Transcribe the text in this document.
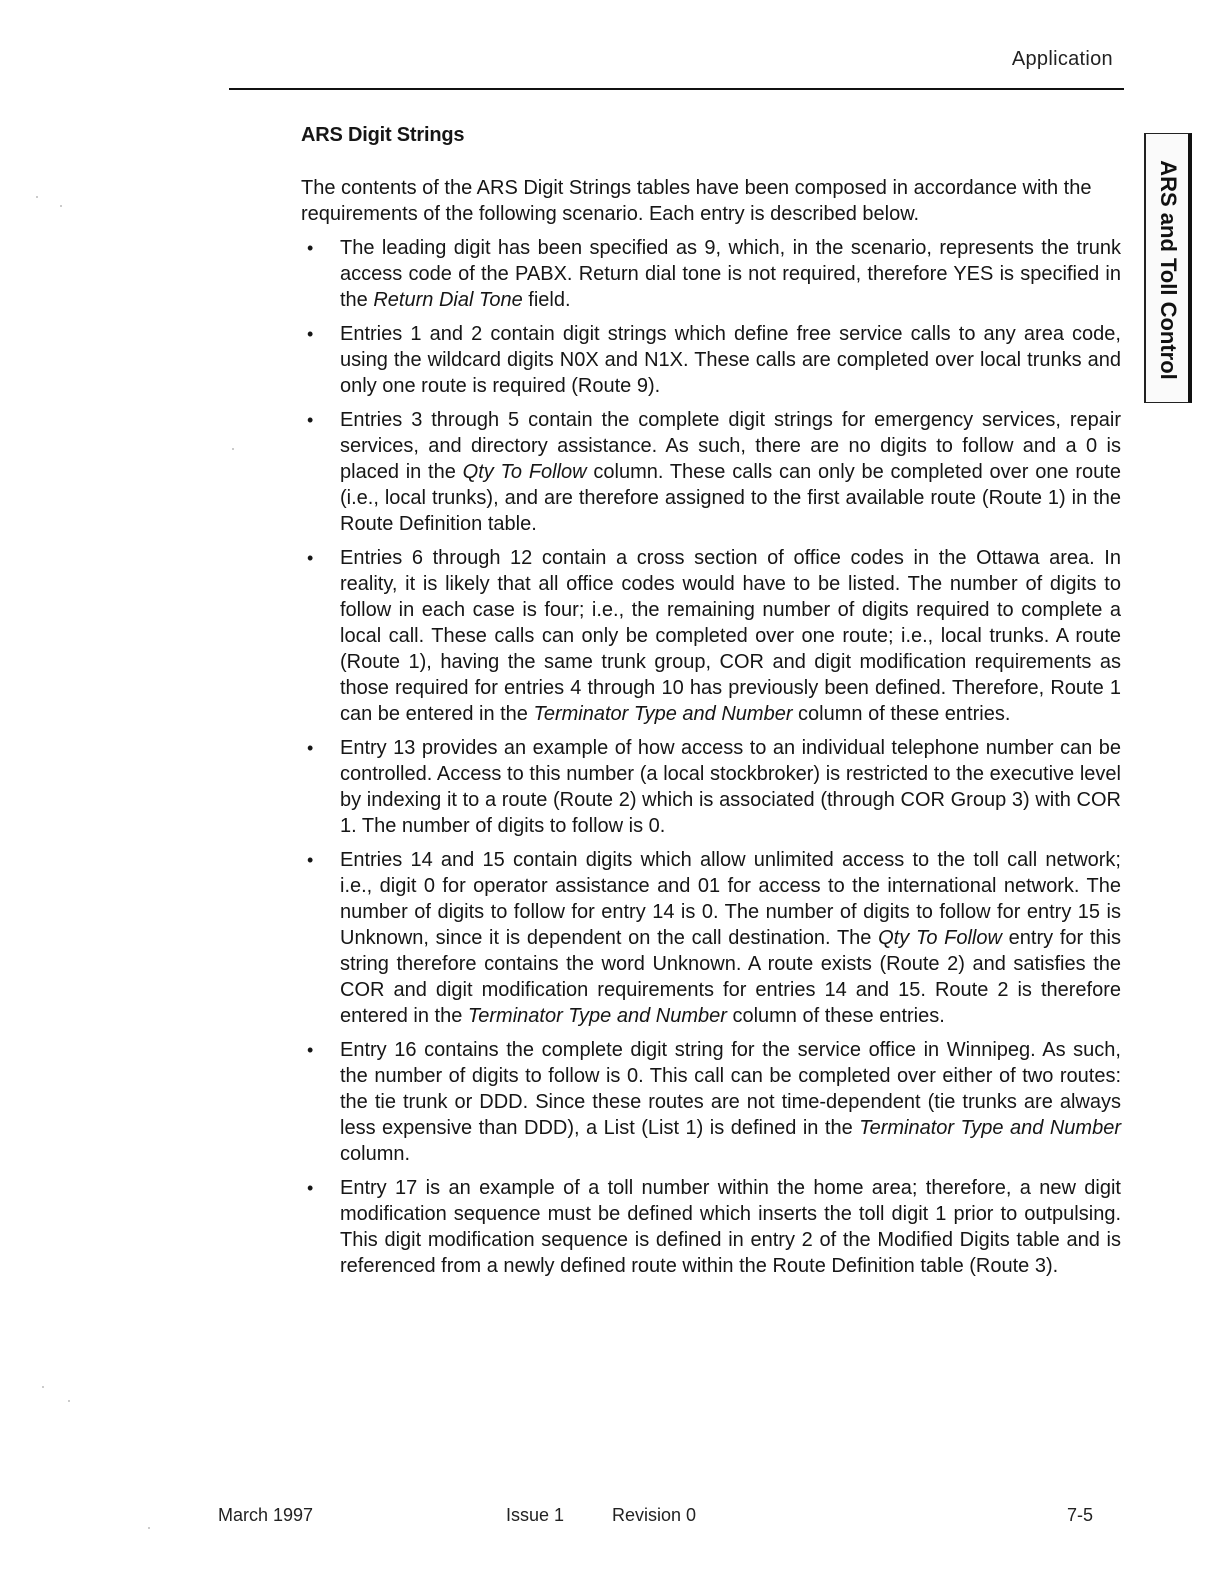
Application
ARS and Toll Control
ARS Digit Strings

The contents of the ARS Digit Strings tables have been composed in accordance with the requirements of the following scenario. Each entry is described below.

• The leading digit has been specified as 9, which, in the scenario, represents the trunk access code of the PABX. Return dial tone is not required, therefore YES is specified in the Return Dial Tone field.
• Entries 1 and 2 contain digit strings which define free service calls to any area code, using the wildcard digits N0X and N1X. These calls are completed over local trunks and only one route is required (Route 9).
• Entries 3 through 5 contain the complete digit strings for emergency services, repair services, and directory assistance. As such, there are no digits to follow and a 0 is placed in the Qty To Follow column. These calls can only be completed over one route (i.e., local trunks), and are therefore assigned to the first available route (Route 1) in the Route Definition table.
• Entries 6 through 12 contain a cross section of office codes in the Ottawa area. In reality, it is likely that all office codes would have to be listed. The number of digits to follow in each case is four; i.e., the remaining number of digits required to complete a local call. These calls can only be completed over one route; i.e., local trunks. A route (Route 1), having the same trunk group, COR and digit modification requirements as those required for entries 4 through 10 has previously been defined. Therefore, Route 1 can be entered in the Terminator Type and Number column of these entries.
• Entry 13 provides an example of how access to an individual telephone number can be controlled. Access to this number (a local stockbroker) is restricted to the executive level by indexing it to a route (Route 2) which is associated (through COR Group 3) with COR 1. The number of digits to follow is 0.
• Entries 14 and 15 contain digits which allow unlimited access to the toll call network; i.e., digit 0 for operator assistance and 01 for access to the international network. The number of digits to follow for entry 14 is 0. The number of digits to follow for entry 15 is Unknown, since it is dependent on the call destination. The Qty To Follow entry for this string therefore contains the word Unknown. A route exists (Route 2) and satisfies the COR and digit modification requirements for entries 14 and 15. Route 2 is therefore entered in the Terminator Type and Number column of these entries.
• Entry 16 contains the complete digit string for the service office in Winnipeg. As such, the number of digits to follow is 0. This call can be completed over either of two routes: the tie trunk or DDD. Since these routes are not time-dependent (tie trunks are always less expensive than DDD), a List (List 1) is defined in the Terminator Type and Number column.
• Entry 17 is an example of a toll number within the home area; therefore, a new digit modification sequence must be defined which inserts the toll digit 1 prior to outpulsing. This digit modification sequence is defined in entry 2 of the Modified Digits table and is referenced from a newly defined route within the Route Definition table (Route 3).
March 1997	Issue 1	Revision 0	7-5
